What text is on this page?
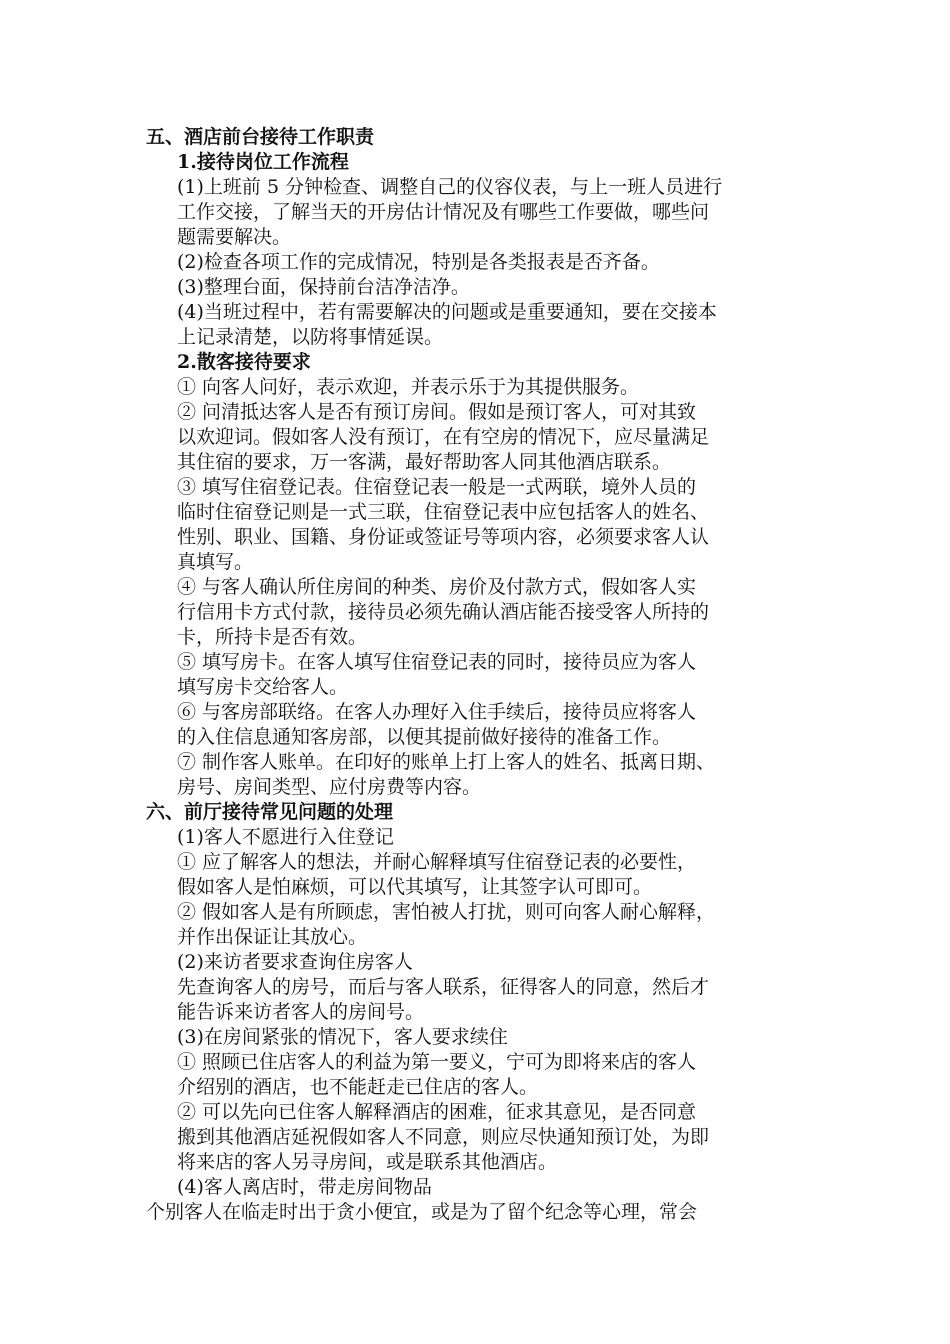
五、酒店前台接待工作职责
1.接待岗位工作流程
(1)上班前 5 分钟检查、调整自己的仪容仪表，与上一班人员进行
工作交接，了解当天的开房估计情况及有哪些工作要做，哪些问
题需要解决。
(2)检查各项工作的完成情况，特别是各类报表是否齐备。
(3)整理台面，保持前台洁净洁净。
(4)当班过程中，若有需要解决的问题或是重要通知，要在交接本
上记录清楚，以防将事情延误。
2.散客接待要求
① 向客人问好，表示欢迎，并表示乐于为其提供服务。
② 问清抵达客人是否有预订房间。假如是预订客人，可对其致
以欢迎词。假如客人没有预订，在有空房的情况下，应尽量满足
其住宿的要求，万一客满，最好帮助客人同其他酒店联系。
③ 填写住宿登记表。住宿登记表一般是一式两联，境外人员的
临时住宿登记则是一式三联，住宿登记表中应包括客人的姓名、
性别、职业、国籍、身份证或签证号等项内容，必须要求客人认
真填写。
④ 与客人确认所住房间的种类、房价及付款方式，假如客人实
行信用卡方式付款，接待员必须先确认酒店能否接受客人所持的
卡，所持卡是否有效。
⑤ 填写房卡。在客人填写住宿登记表的同时，接待员应为客人
填写房卡交给客人。
⑥ 与客房部联络。在客人办理好入住手续后，接待员应将客人
的入住信息通知客房部，以便其提前做好接待的准备工作。
⑦ 制作客人账单。在印好的账单上打上客人的姓名、抵离日期、
房号、房间类型、应付房费等内容。
六、前厅接待常见问题的处理
(1)客人不愿进行入住登记
① 应了解客人的想法，并耐心解释填写住宿登记表的必要性，
假如客人是怕麻烦，可以代其填写，让其签字认可即可。
② 假如客人是有所顾虑，害怕被人打扰，则可向客人耐心解释，
并作出保证让其放心。
(2)来访者要求查询住房客人
先查询客人的房号，而后与客人联系，征得客人的同意，然后才
能告诉来访者客人的房间号。
(3)在房间紧张的情况下，客人要求续住
① 照顾已住店客人的利益为第一要义，宁可为即将来店的客人
介绍别的酒店，也不能赶走已住店的客人。
② 可以先向已住客人解释酒店的困难，征求其意见，是否同意
搬到其他酒店延祝假如客人不同意，则应尽快通知预订处，为即
将来店的客人另寻房间，或是联系其他酒店。
(4)客人离店时，带走房间物品
个别客人在临走时出于贪小便宜，或是为了留个纪念等心理，常会
